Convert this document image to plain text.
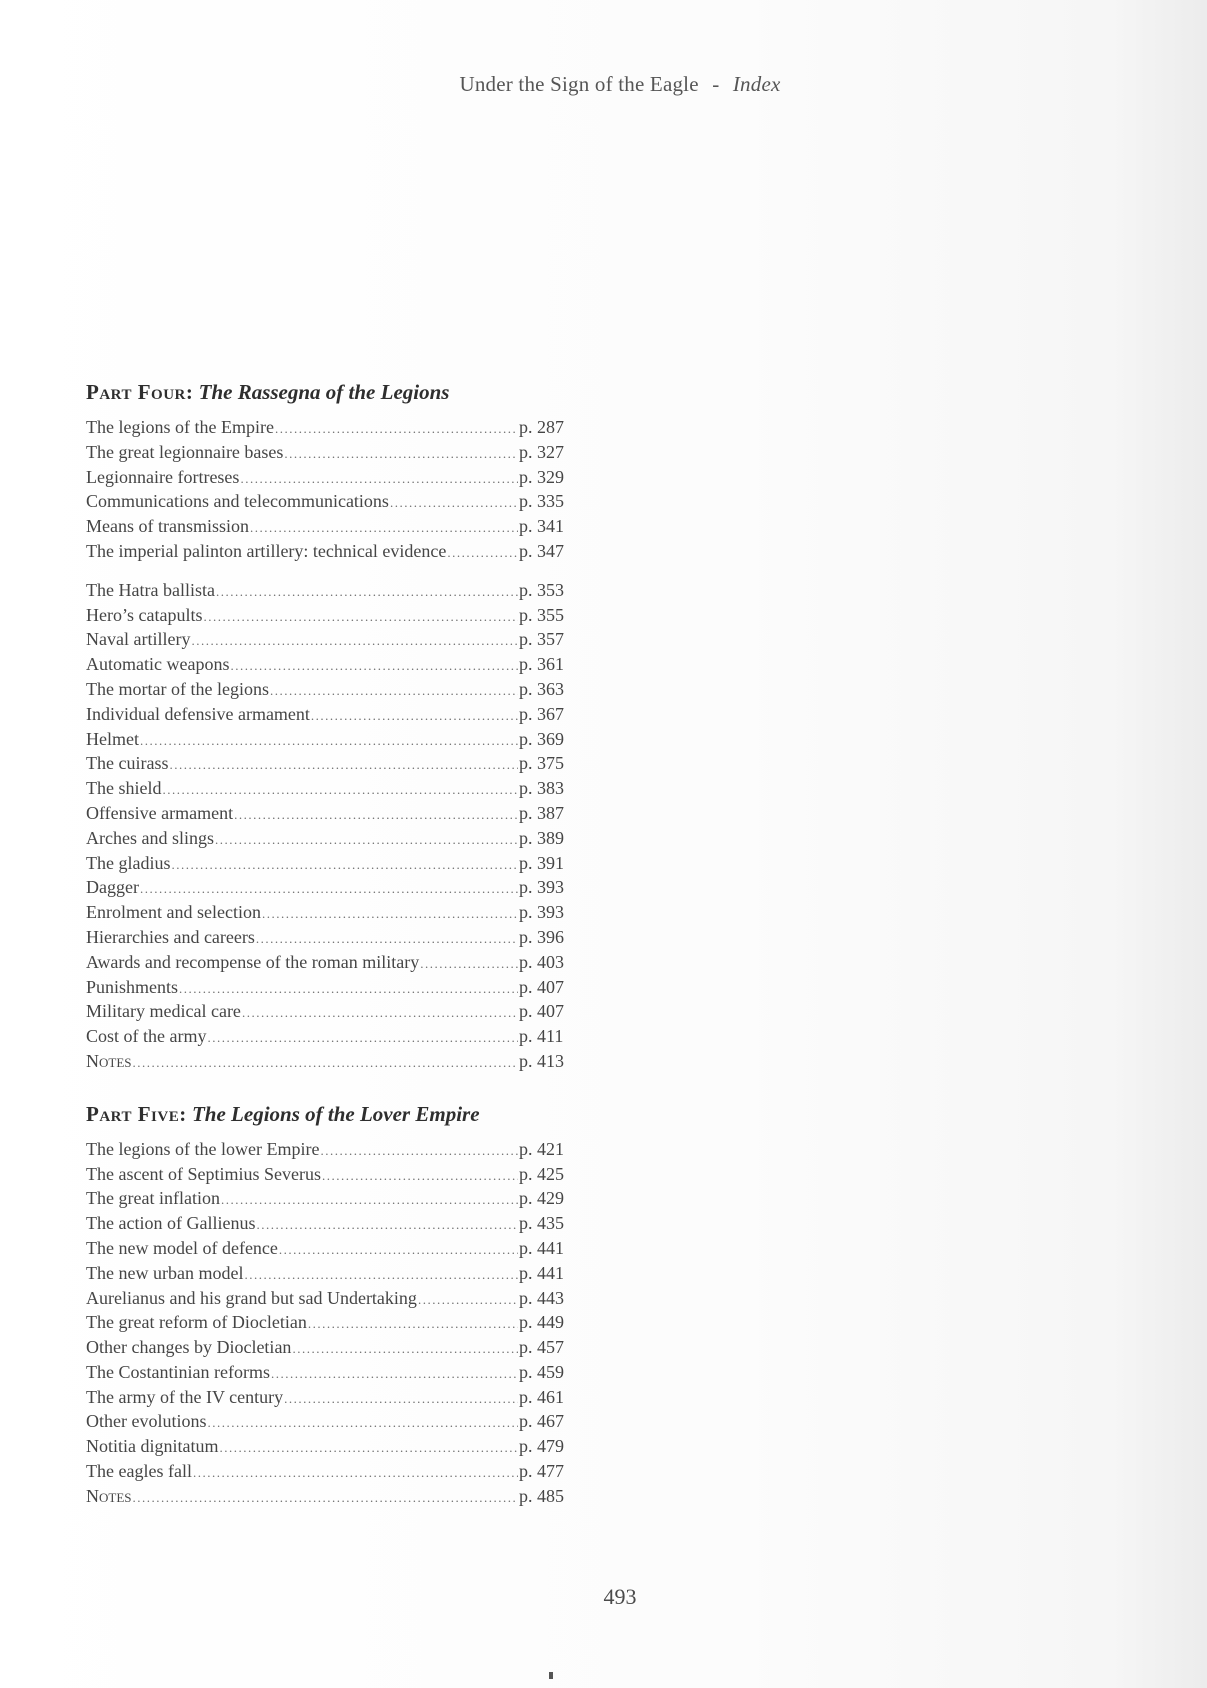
Under the Sign of the Eagle - Index
Part Four: The Rassegna of the Legions
The legions of the Empire .....	p. 287
The great legionnaire bases .....	p. 327
Legionnaire fortreses .....	p. 329
Communications and telecommunications .....	p. 335
Means of transmission .....	p. 341
The imperial palinton artillery: technical evidence .....	p. 347
The Hatra ballista .....	p. 353
Hero’s catapults .....	p. 355
Naval artillery .....	p. 357
Automatic weapons .....	p. 361
The mortar of the legions .....	p. 363
Individual defensive armament .....	p. 367
Helmet .....	p. 369
The cuirass .....	p. 375
The shield .....	p. 383
Offensive armament .....	p. 387
Arches and slings .....	p. 389
The gladius .....	p. 391
Dagger .....	p. 393
Enrolment and selection .....	p. 393
Hierarchies and careers .....	p. 396
Awards and recompense of the roman military .....	p. 403
Punishments .....	p. 407
Military medical care .....	p. 407
Cost of the army .....	p. 411
Notes .....	p. 413
Part Five: The Legions of the Lover Empire
The legions of the lower Empire .....	p. 421
The ascent of Septimius Severus .....	p. 425
The great inflation .....	p. 429
The action of Gallienus .....	p. 435
The new model of defence .....	p. 441
The new urban model .....	p. 441
Aurelianus and his grand but sad Undertaking .....	p. 443
The great reform of Diocletian .....	p. 449
Other changes by Diocletian .....	p. 457
The Costantinian reforms .....	p. 459
The army of the IV century .....	p. 461
Other evolutions .....	p. 467
Notitia dignitatum .....	p. 479
The eagles fall .....	p. 477
Notes .....	p. 485
493
